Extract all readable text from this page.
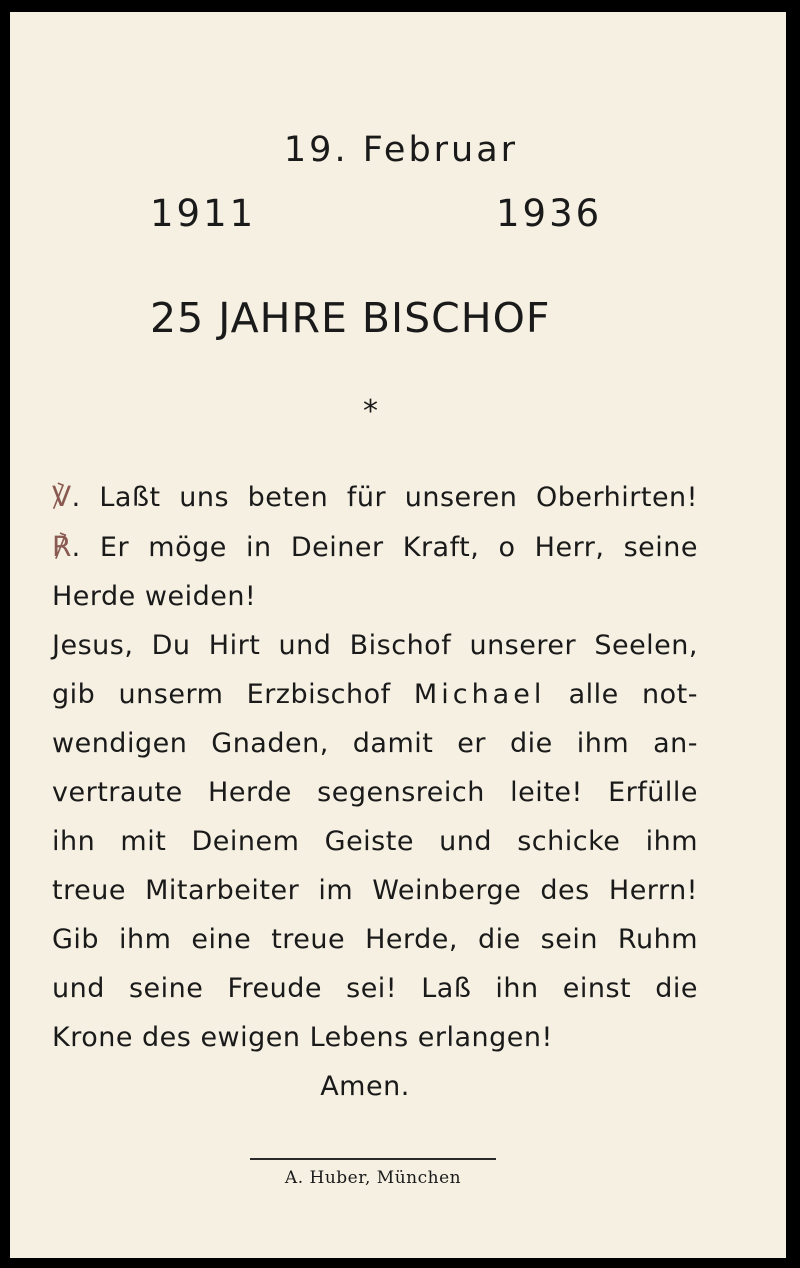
19. Februar
1911	1936
25 JAHRE BISCHOF
*
℣. Laßt uns beten für unseren Oberhirten!
℟. Er möge in Deiner Kraft, o Herr, seine
Herde weiden!
Jesus, Du Hirt und Bischof unserer Seelen,
gib unserm Erzbischof Michael alle not-
wendigen Gnaden, damit er die ihm an-
vertraute Herde segensreich leite! Erfülle
ihn mit Deinem Geiste und schicke ihm
treue Mitarbeiter im Weinberge des Herrn!
Gib ihm eine treue Herde, die sein Ruhm
und seine Freude sei! Laß ihn einst die
Krone des ewigen Lebens erlangen!
Amen.
A. Huber, München
